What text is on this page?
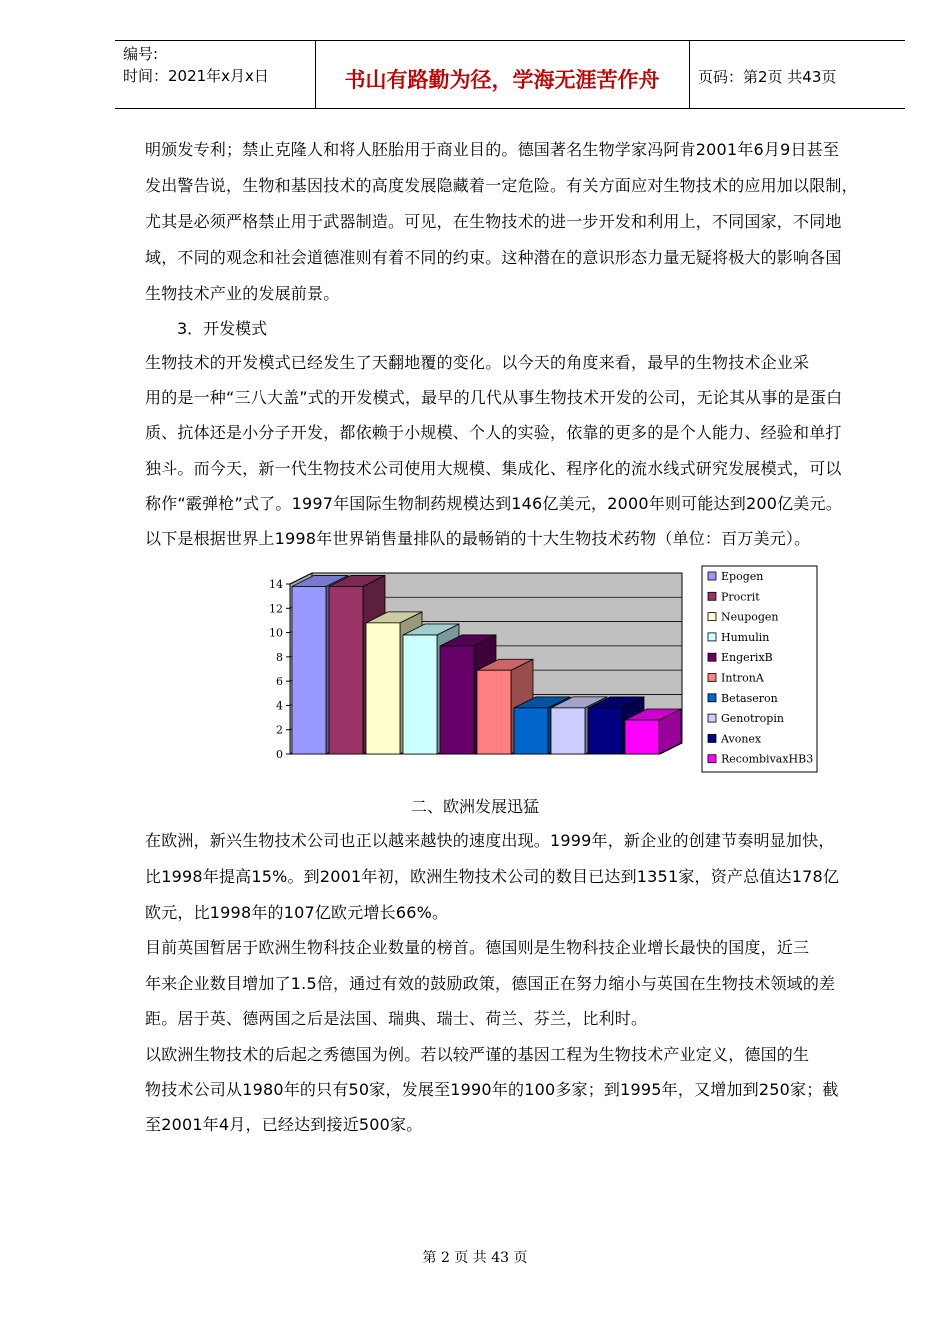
编号:
时间：2021年x月x日	书山有路勤为径，学海无涯苦作舟	页码：第2页 共43页
明颁发专利；禁止克隆人和将人胚胎用于商业目的。德国著名生物学家冯阿肯2001年6月9日甚至
发出警告说，生物和基因技术的高度发展隐藏着一定危险。有关方面应对生物技术的应用加以限制，
尤其是必须严格禁止用于武器制造。可见，在生物技术的进一步开发和利用上，不同国家，不同地
域，不同的观念和社会道德准则有着不同的约束。这种潜在的意识形态力量无疑将极大的影响各国
生物技术产业的发展前景。
3．开发模式
生物技术的开发模式已经发生了天翻地覆的变化。以今天的角度来看，最早的生物技术企业采
用的是一种“三八大盖”式的开发模式，最早的几代从事生物技术开发的公司，无论其从事的是蛋白
质、抗体还是小分子开发，都依赖于小规模、个人的实验，依靠的更多的是个人能力、经验和单打
独斗。而今天，新一代生物技术公司使用大规模、集成化、程序化的流水线式研究发展模式，可以
称作“霰弹枪”式了。1997年国际生物制药规模达到146亿美元，2000年则可能达到200亿美元。
以下是根据世界上1998年世界销售量排队的最畅销的十大生物技术药物（单位：百万美元）。
0
2
4
6
8
10
12
14
Epogen
Procrit
Neupogen
Humulin
EngerixB
IntronA
Betaseron
Genotropin
Avonex
RecombivaxHB3
二、欧洲发展迅猛
在欧洲，新兴生物技术公司也正以越来越快的速度出现。1999年，新企业的创建节奏明显加快，
比1998年提高15%。到2001年初，欧洲生物技术公司的数目已达到1351家，资产总值达178亿
欧元，比1998年的107亿欧元增长66%。
目前英国暂居于欧洲生物科技企业数量的榜首。德国则是生物科技企业增长最快的国度，近三
年来企业数目增加了1.5倍，通过有效的鼓励政策，德国正在努力缩小与英国在生物技术领域的差
距。居于英、德两国之后是法国、瑞典、瑞士、荷兰、芬兰，比利时。
以欧洲生物技术的后起之秀德国为例。若以较严谨的基因工程为生物技术产业定义，德国的生
物技术公司从1980年的只有50家，发展至1990年的100多家；到1995年，又增加到250家；截
至2001年4月，已经达到接近500家。
第 2 页 共 43 页
